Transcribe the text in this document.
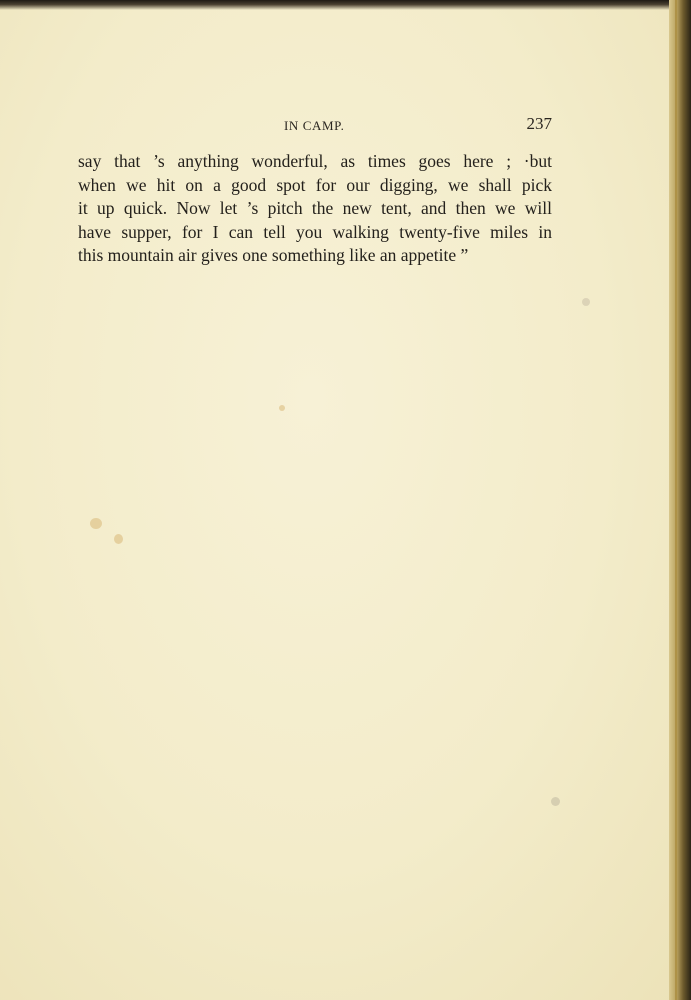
IN CAMP.	237
say that ’s anything wonderful, as times goes here ; ·but
when we hit on a good spot for our digging, we shall pick
it up quick. Now let ’s pitch the new tent, and then we will
have supper, for I can tell you walking twenty-five miles in
this mountain air gives one something like an appetite ”
